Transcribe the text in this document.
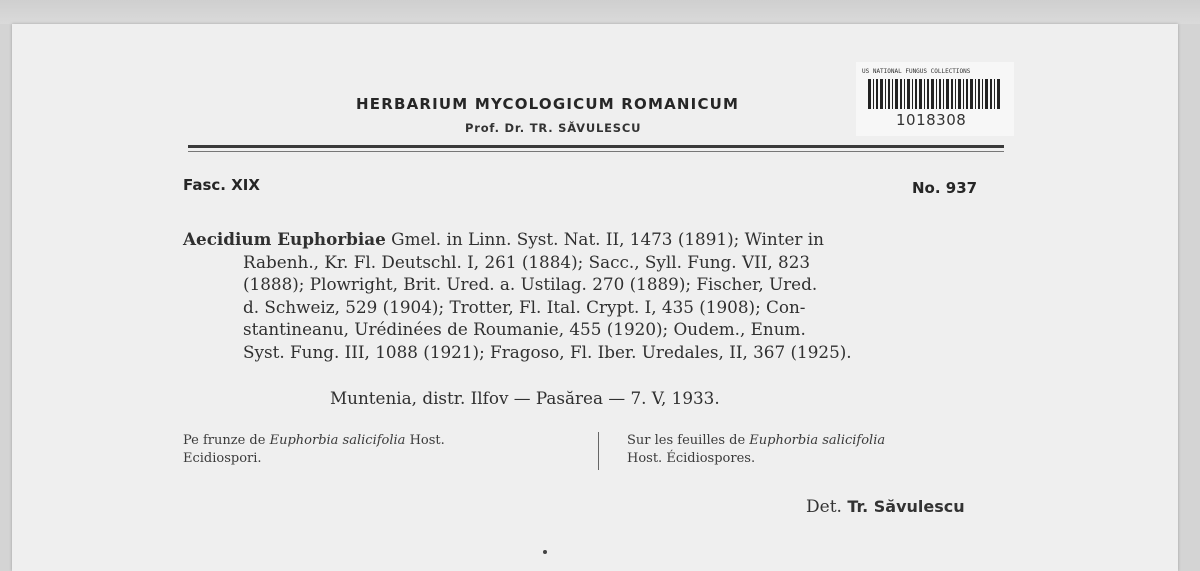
HERBARIUM MYCOLOGICUM ROMANICUM
Prof. Dr. TR. SĂVULESCU
US NATIONAL FUNGUS COLLECTIONS
1018308
Fasc. XIX	No. 937
Aecidium Euphorbiae Gmel. in Linn. Syst. Nat. II, 1473 (1891); Winter in
Rabenh., Kr. Fl. Deutschl. I, 261 (1884); Sacc., Syll. Fung. VII, 823
(1888); Plowright, Brit. Ured. a. Ustilag. 270 (1889); Fischer, Ured.
d. Schweiz, 529 (1904); Trotter, Fl. Ital. Crypt. I, 435 (1908); Con-
stantineanu, Urédinées de Roumanie, 455 (1920); Oudem., Enum.
Syst. Fung. III, 1088 (1921); Fragoso, Fl. Iber. Uredales, II, 367 (1925).
Muntenia, distr. Ilfov — Pasărea — 7. V, 1933.
Pe frunze de Euphorbia salicifolia Host.
Ecidiospori.
Sur les feuilles de Euphorbia salicifolia
Host. Écidiospores.
Det. Tr. Săvulescu
